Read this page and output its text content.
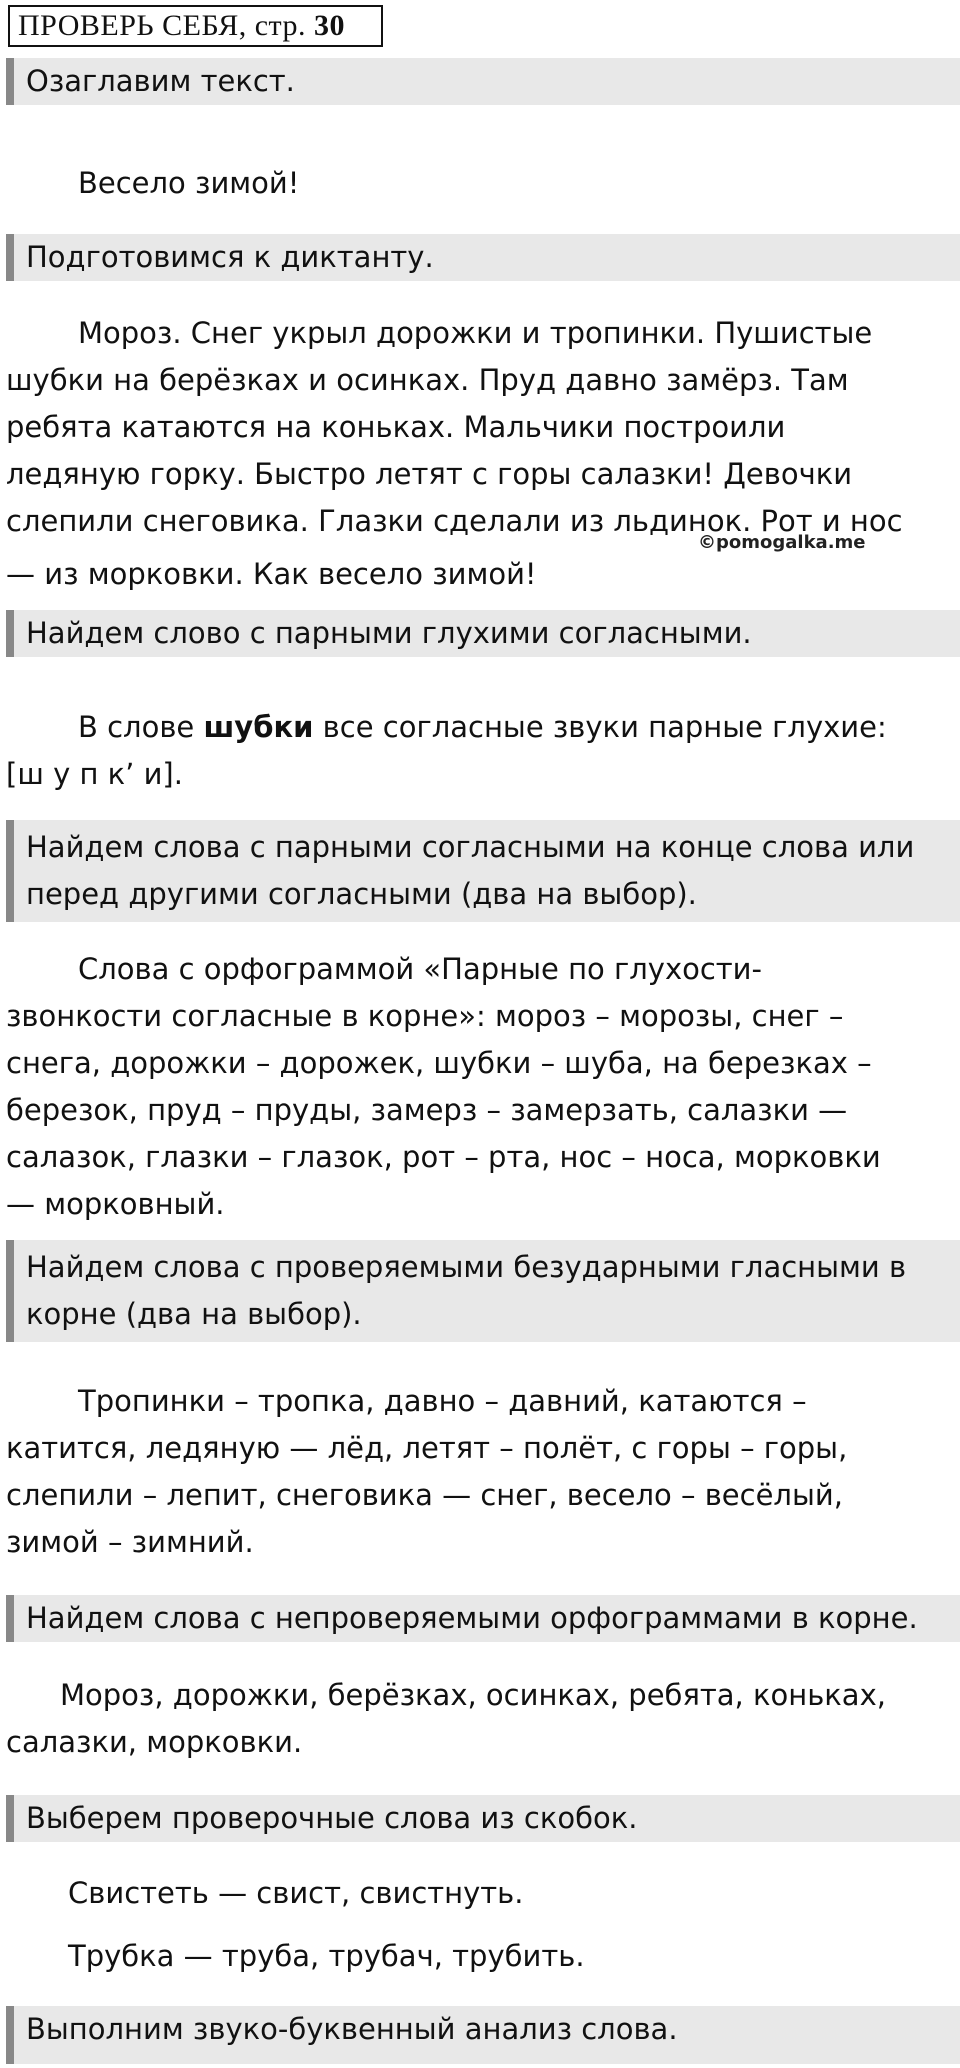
ПРОВЕРЬ СЕБЯ, стр. 30
Озаглавим текст.
Весело зимой!
Подготовимся к диктанту.
Мороз. Снег укрыл дорожки и тропинки. Пушистые
шубки на берёзках и осинках. Пруд давно замёрз. Там
ребята катаются на коньках. Мальчики построили
ледяную горку. Быстро летят с горы салазки! Девочки
слепили снеговика. Глазки сделали из льдинок. Рот и нос
©pomogalka.me
— из морковки. Как весело зимой!
Найдем слово с парными глухими согласными.
В слове шубки все согласные звуки парные глухие:
[ш у п к’ и].
Найдем слова с парными согласными на конце слова или
перед другими согласными (два на выбор).
Слова с орфограммой «Парные по глухости-
звонкости согласные в корне»: мороз – морозы, снег –
снега, дорожки – дорожек, шубки – шуба, на березках –
березок, пруд – пруды, замерз – замерзать, салазки —
салазок, глазки – глазок, рот – рта, нос – носа, морковки
— морковный.
Найдем слова с проверяемыми безударными гласными в
корне (два на выбор).
Тропинки – тропка, давно – давний, катаются –
катится, ледяную — лёд, летят – полёт, с горы – горы,
слепили – лепит, снеговика — снег, весело – весёлый,
зимой – зимний.
Найдем слова с непроверяемыми орфограммами в корне.
Мороз, дорожки, берёзках, осинках, ребята, коньках,
салазки, морковки.
Выберем проверочные слова из скобок.
Свистеть — свист, свистнуть.
Трубка — труба, трубач, трубить.
Выполним звуко-буквенный анализ слова.
